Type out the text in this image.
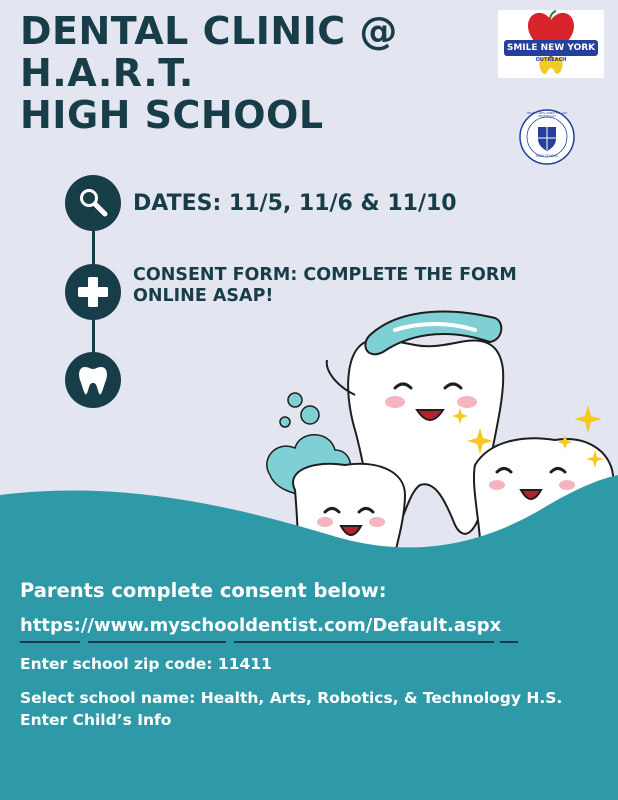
DENTAL CLINIC @
H.A.R.T.
HIGH SCHOOL
SMILE NEW YORK
OUTREACH
HEALTH, ARTS, ROBOTICS, AND TECHNOLOGY
HIGH SCHOOL
DATES: 11/5, 11/6 & 11/10
CONSENT FORM: COMPLETE THE FORM ONLINE ASAP!
Parents complete consent below:
https://www.myschooldentist.com/Default.aspx
Enter school zip code: 11411
Select school name: Health, Arts, Robotics, & Technology H.S.
Enter Child’s Info
